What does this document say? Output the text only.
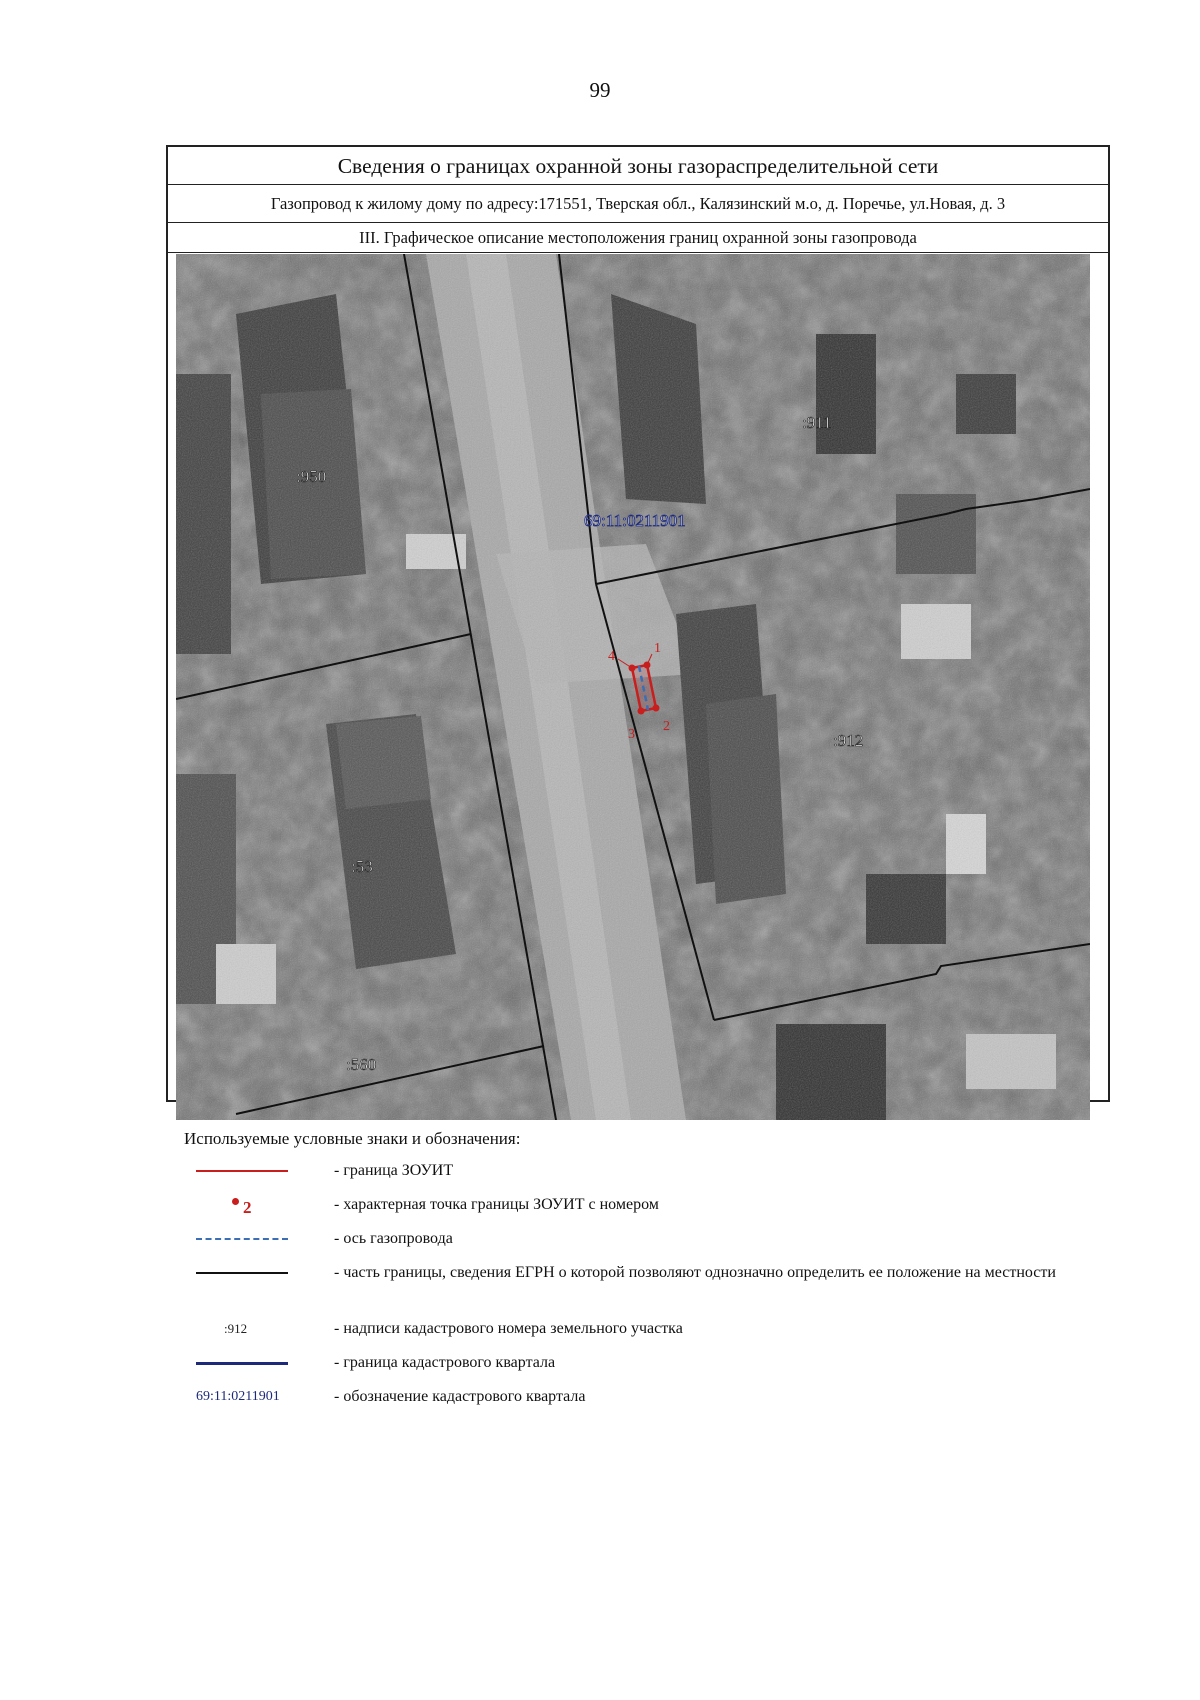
99
Сведения о границах охранной зоны газораспределительной сети
Газопровод к жилому дому по адресу:171551, Тверская обл., Калязинский м.о, д. Поречье, ул.Новая, д. 3
III. Графическое описание местоположения границ охранной зоны газопровода
1
2
3
4
:950
:911
:912
:53
:560
69:11:0211901
Используемые условные знаки и обозначения:
- граница ЗОУИТ
2	- характерная точка границы ЗОУИТ с номером
- ось газопровода
- часть границы, сведения ЕГРН о которой позволяют однозначно определить ее положение на местности
:912	- надписи кадастрового номера земельного участка
- граница кадастрового квартала
69:11:0211901	- обозначение кадастрового квартала
